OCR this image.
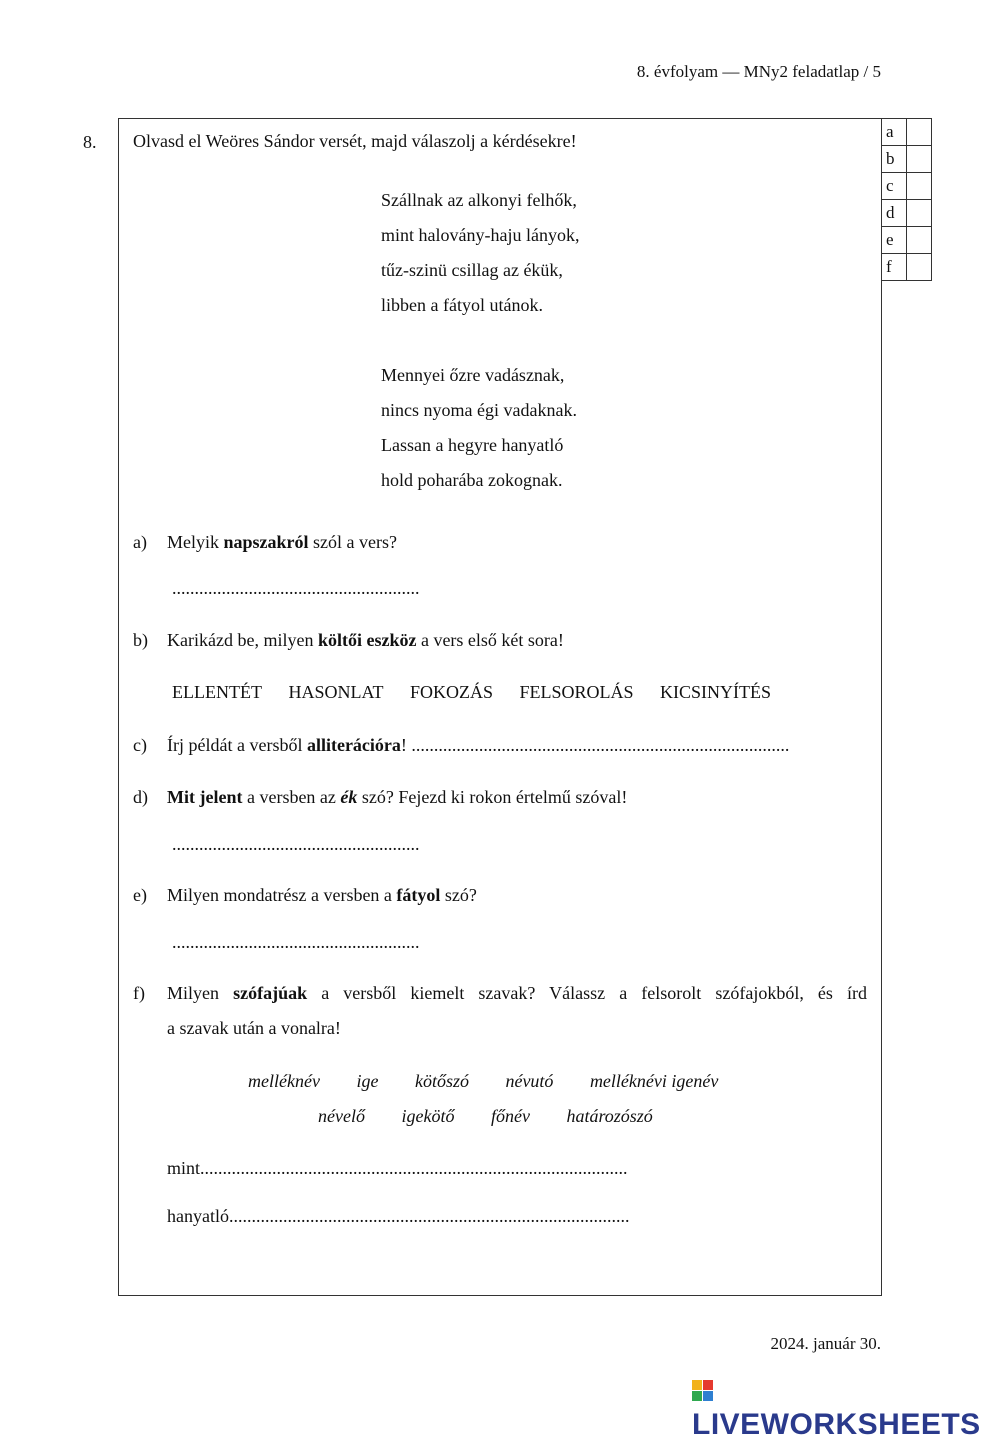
8. évfolyam — MNy2 feladatlap / 5
8.
a	
b	
c	
d	
e	
f	
Olvasd el Weöres Sándor versét, majd válaszolj a kérdésekre!
Szállnak az alkonyi felhők,
mint halovány-haju lányok,
tűz-szinü csillag az ékük,
libben a fátyol utánok.
Mennyei őzre vadásznak,
nincs nyoma égi vadaknak.
Lassan a hegyre hanyatló
hold poharába zokognak.
a) Melyik napszakról szól a vers?
.......................................................
b) Karikázd be, milyen költői eszköz a vers első két sora!
ELLENTÉT HASONLAT FOKOZÁS FELSOROLÁS KICSINYÍTÉS
c) Írj példát a versből alliterációra! ....................................................................................
d) Mit jelent a versben az ék szó? Fejezd ki rokon értelmű szóval!
.......................................................
e) Milyen mondatrész a versben a fátyol szó?
.......................................................
f) Milyen szófajúak a versből kiemelt szavak? Válassz a felsorolt szófajokból, és írd
a szavak után a vonalra!
melléknév ige kötőszó névutó melléknévi igenév
névelő igekötő főnév határozószó
mint...............................................................................................
hanyatló.........................................................................................
2024. január 30.
LIVEWORKSHEETS
